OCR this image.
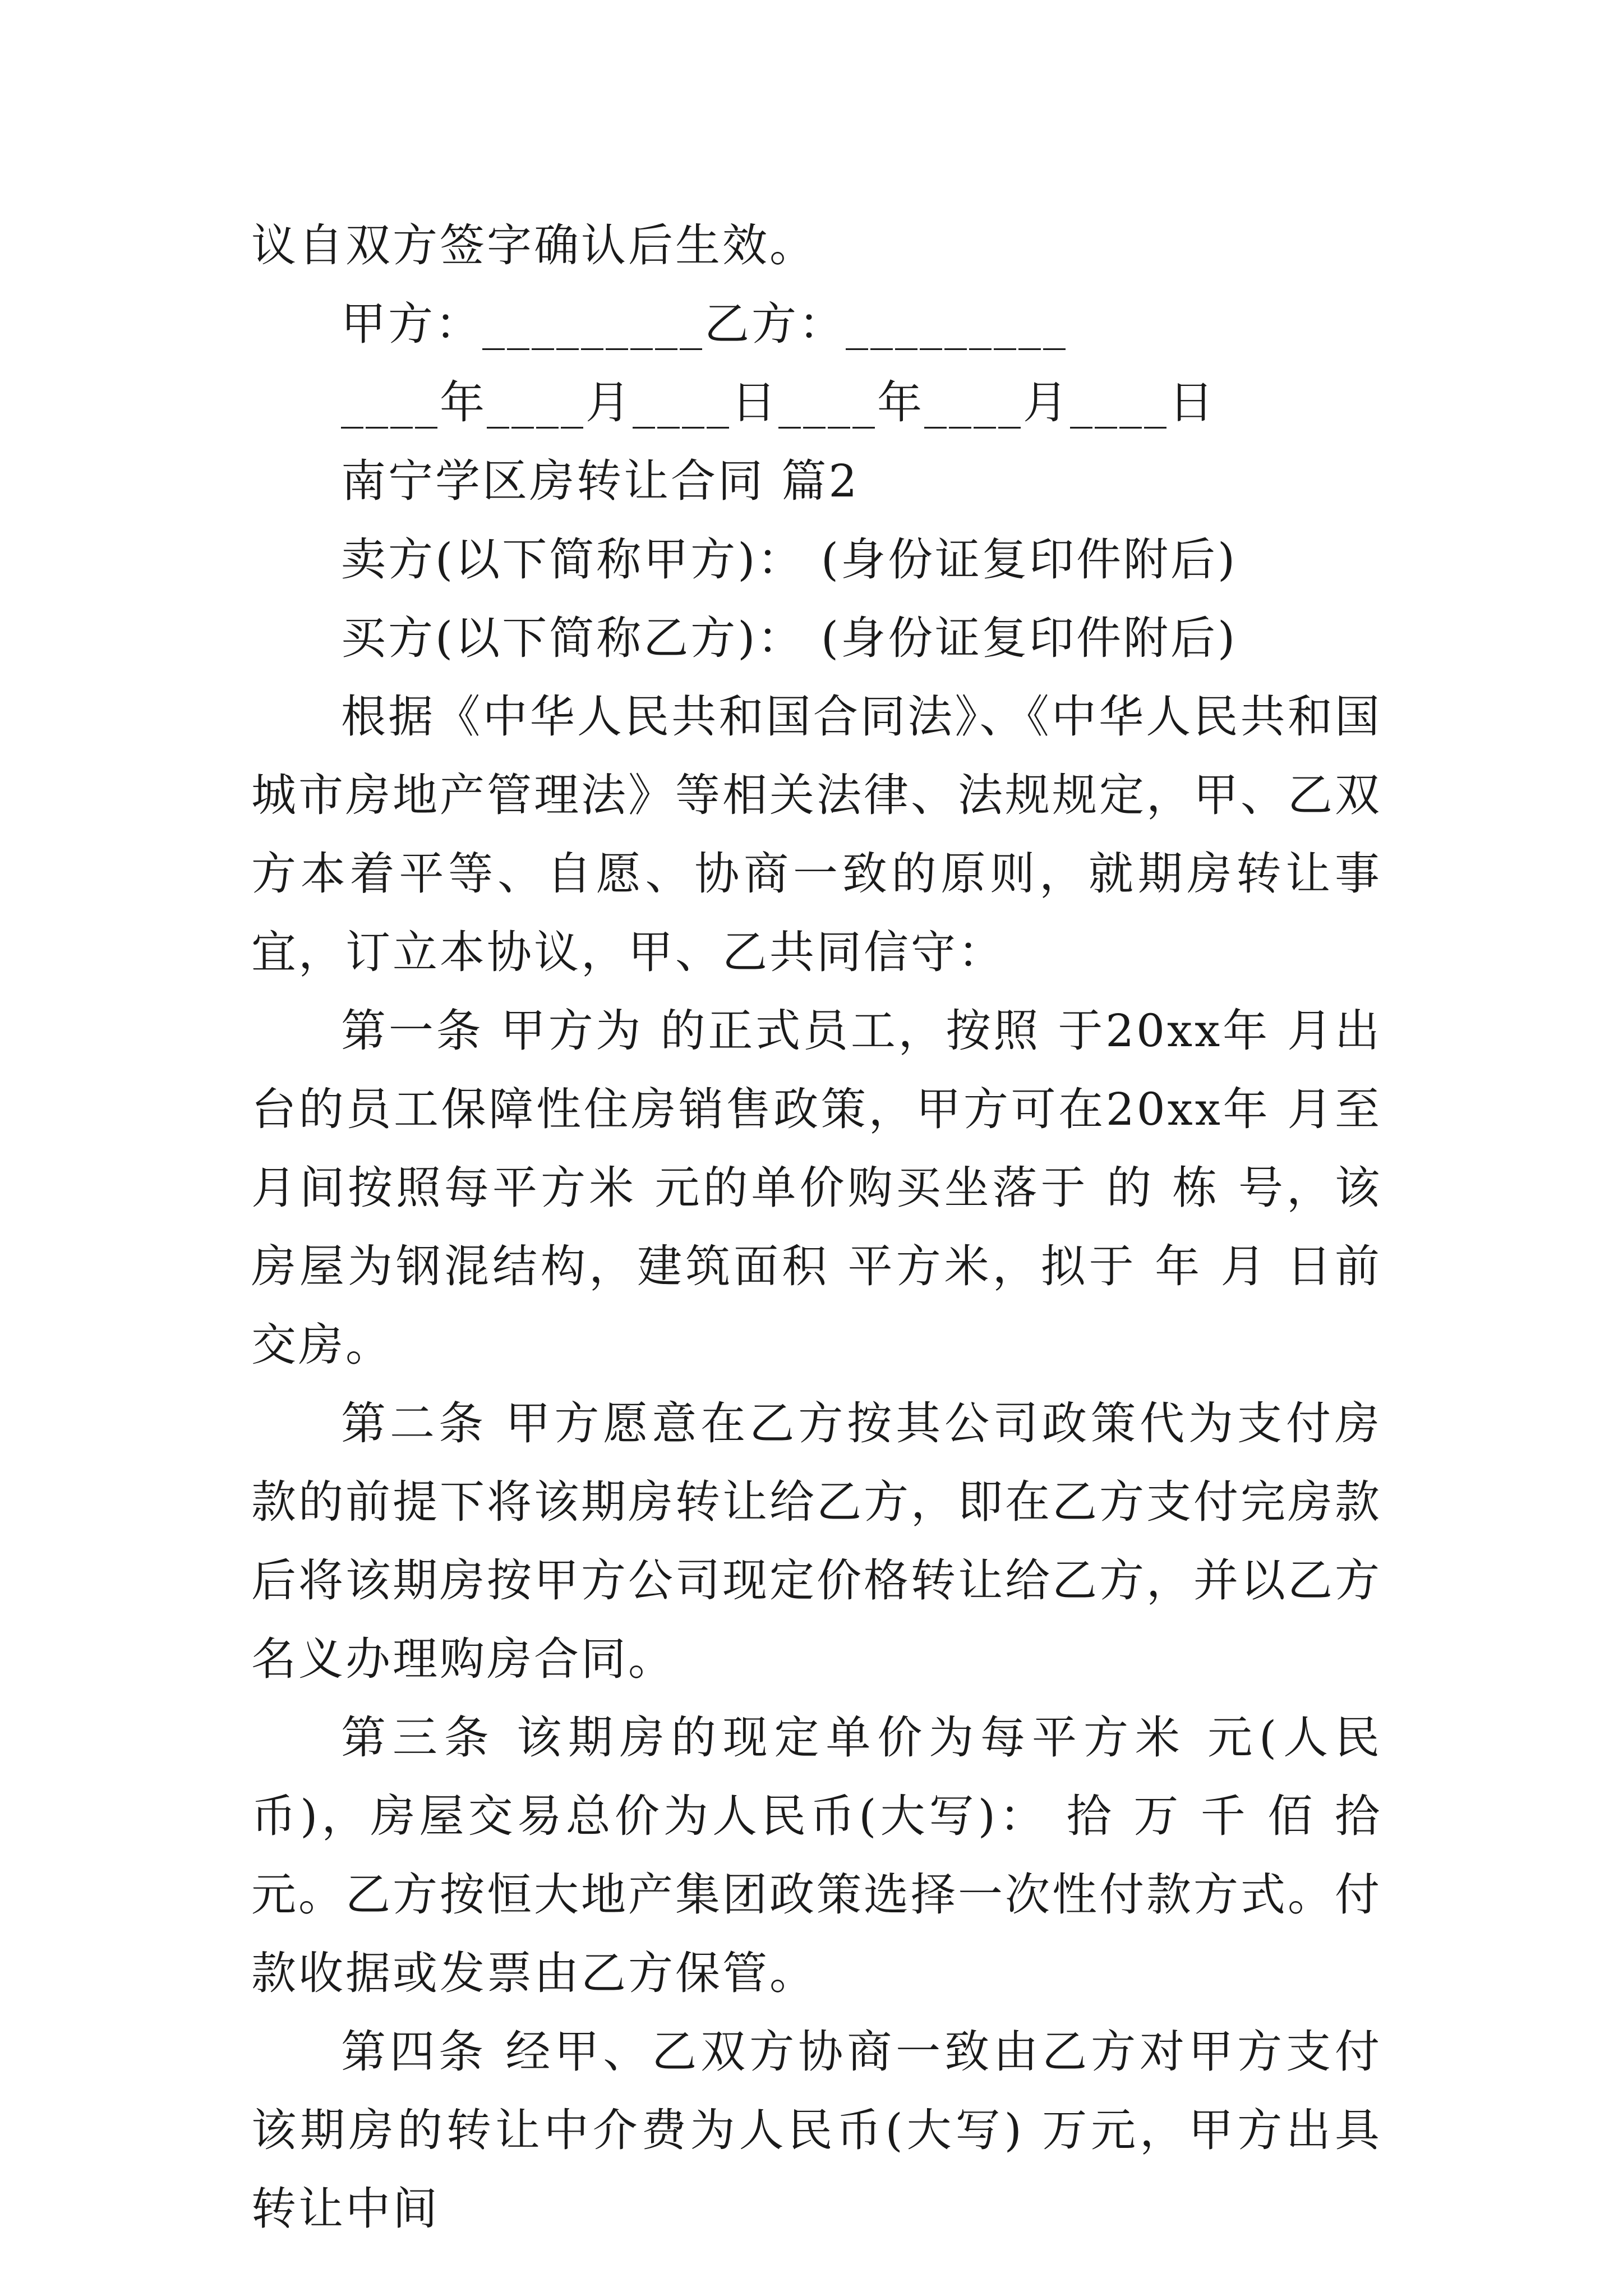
议自双方签字确认后生效。

甲方：_________乙方：_________

____年____月____日____年____月____日

南宁学区房转让合同 篇2

卖方(以下简称甲方)： (身份证复印件附后)

买方(以下简称乙方)： (身份证复印件附后)

根据《中华人民共和国合同法》、《中华人民共和国城市房地产管理法》等相关法律、法规规定，甲、乙双方本着平等、自愿、协商一致的原则，就期房转让事宜，订立本协议，甲、乙共同信守：

第一条 甲方为 的正式员工，按照 于20xx年 月出台的员工保障性住房销售政策，甲方可在20xx年 月至 月间按照每平方米 元的单价购买坐落于 的 栋 号，该房屋为钢混结构，建筑面积 平方米，拟于 年 月 日前交房。

第二条 甲方愿意在乙方按其公司政策代为支付房款的前提下将该期房转让给乙方，即在乙方支付完房款后将该期房按甲方公司现定价格转让给乙方，并以乙方名义办理购房合同。

第三条 该期房的现定单价为每平方米 元(人民币)，房屋交易总价为人民币(大写)： 拾 万 千 佰 拾 元。乙方按恒大地产集团政策选择一次性付款方式。付款收据或发票由乙方保管。

第四条 经甲、乙双方协商一致由乙方对甲方支付该期房的转让中介费为人民币(大写) 万元，甲方出具转让中间
